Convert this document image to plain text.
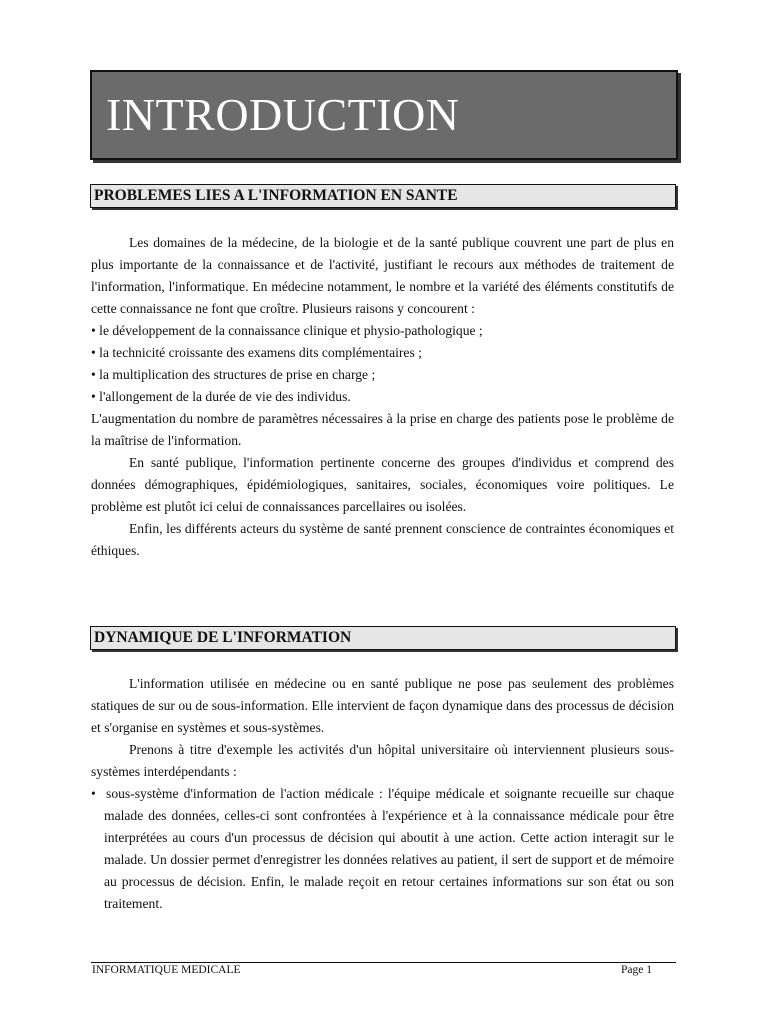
INTRODUCTION
PROBLEMES LIES A L'INFORMATION EN SANTE

Les domaines de la médecine, de la biologie et de la santé publique couvrent une part de plus en plus importante de la connaissance et de l'activité, justifiant le recours aux méthodes de traitement de l'information, l'informatique. En médecine notamment, le nombre et la variété des éléments constitutifs de cette connaissance ne font que croître. Plusieurs raisons y concourent :

• le développement de la connaissance clinique et physio-pathologique ;
• la technicité croissante des examens dits complémentaires ;
• la multiplication des structures de prise en charge ;
• l'allongement de la durée de vie des individus.

L'augmentation du nombre de paramètres nécessaires à la prise en charge des patients pose le problème de la maîtrise de l'information.

En santé publique, l'information pertinente concerne des groupes d'individus et comprend des données démographiques, épidémiologiques, sanitaires, sociales, économiques voire politiques. Le problème est plutôt ici celui de connaissances parcellaires ou isolées.

Enfin, les différents acteurs du système de santé prennent conscience de contraintes économiques et éthiques.

DYNAMIQUE DE L'INFORMATION

L'information utilisée en médecine ou en santé publique ne pose pas seulement des problèmes statiques de sur ou de sous-information. Elle intervient de façon dynamique dans des processus de décision et s'organise en systèmes et sous-systèmes.

Prenons à titre d'exemple les activités d'un hôpital universitaire où interviennent plusieurs sous-systèmes interdépendants :

•  sous-système d'information de l'action médicale : l'équipe médicale et soignante recueille sur chaque malade des données, celles-ci sont confrontées à l'expérience et à la connaissance médicale pour être interprétées au cours d'un processus de décision qui aboutit à une action. Cette action interagit sur le malade. Un dossier permet d'enregistrer les données relatives au patient, il sert de support et de mémoire au processus de décision. Enfin, le malade reçoit en retour certaines informations sur son état ou son traitement.
INFORMATIQUE MEDICALE	Page 1
